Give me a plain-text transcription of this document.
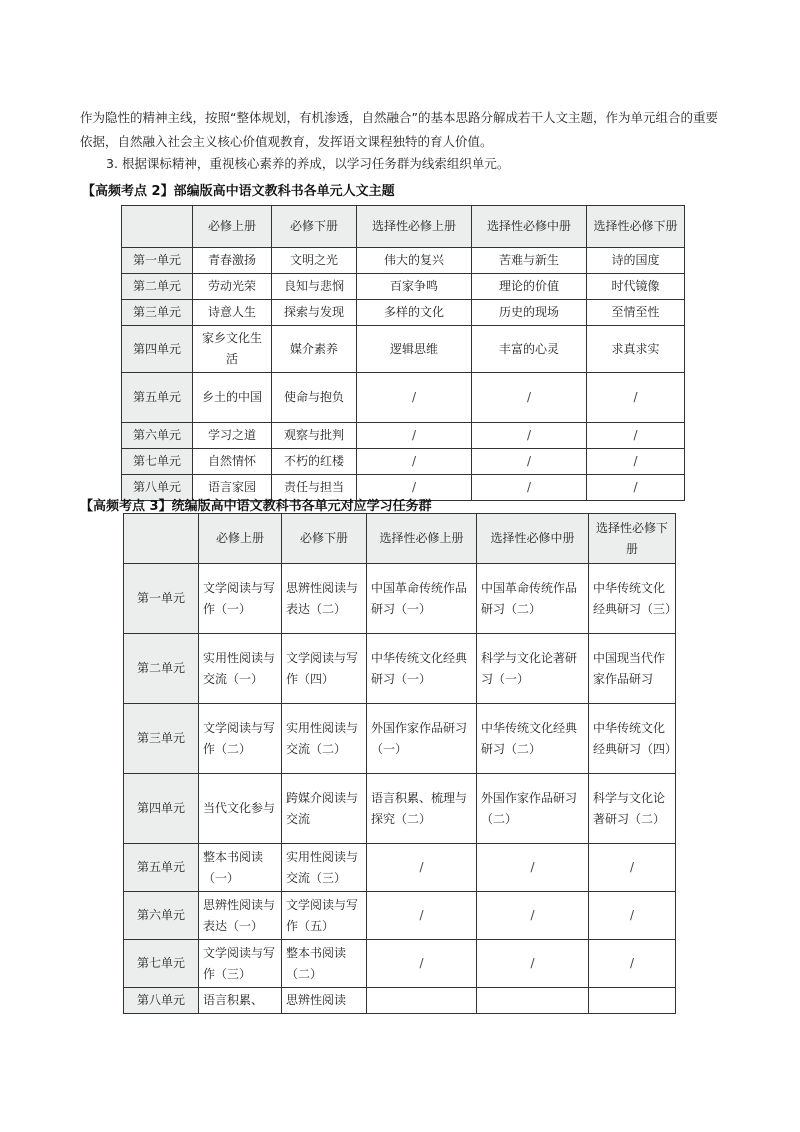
作为隐性的精神主线，按照“整体规划，有机渗透，自然融合”的基本思路分解成若干人文主题，作为单元组合的重要依据，自然融入社会主义核心价值观教育，发挥语文课程独特的育人价值。
3. 根据课标精神，重视核心素养的养成，以学习任务群为线索组织单元。
【高频考点 2】部编版高中语文教科书各单元人文主题
	必修上册	必修下册	选择性必修上册	选择性必修中册	选择性必修下册
第一单元	青春激扬	文明之光	伟大的复兴	苦难与新生	诗的国度
第二单元	劳动光荣	良知与悲悯	百家争鸣	理论的价值	时代镜像
第三单元	诗意人生	探索与发现	多样的文化	历史的现场	至情至性
第四单元	家乡文化生活	媒介素养	逻辑思维	丰富的心灵	求真求实
第五单元	乡土的中国	使命与抱负	/	/	/
第六单元	学习之道	观察与批判	/	/	/
第七单元	自然情怀	不朽的红楼	/	/	/
第八单元	语言家园	责任与担当	/	/	/
【高频考点 3】统编版高中语文教科书各单元对应学习任务群
	必修上册	必修下册	选择性必修上册	选择性必修中册	选择性必修下册
第一单元	文学阅读与写作（一）	思辨性阅读与表达（二）	中国革命传统作品研习（一）	中国革命传统作品研习（二）	中华传统文化经典研习（三）
第二单元	实用性阅读与交流（一）	文学阅读与写作（四）	中华传统文化经典研习（一）	科学与文化论著研习（一）	中国现当代作家作品研习
第三单元	文学阅读与写作（二）	实用性阅读与交流（二）	外国作家作品研习（一）	中华传统文化经典研习（二）	中华传统文化经典研习（四）
第四单元	当代文化参与	跨媒介阅读与交流	语言积累、梳理与探究（二）	外国作家作品研习（二）	科学与文化论著研习（二）
第五单元	整本书阅读（一）	实用性阅读与交流（三）	/	/	/
第六单元	思辨性阅读与表达（一）	文学阅读与写作（五）	/	/	/
第七单元	文学阅读与写作（三）	整本书阅读（二）	/	/	/
第八单元	语言积累、	思辨性阅读			
